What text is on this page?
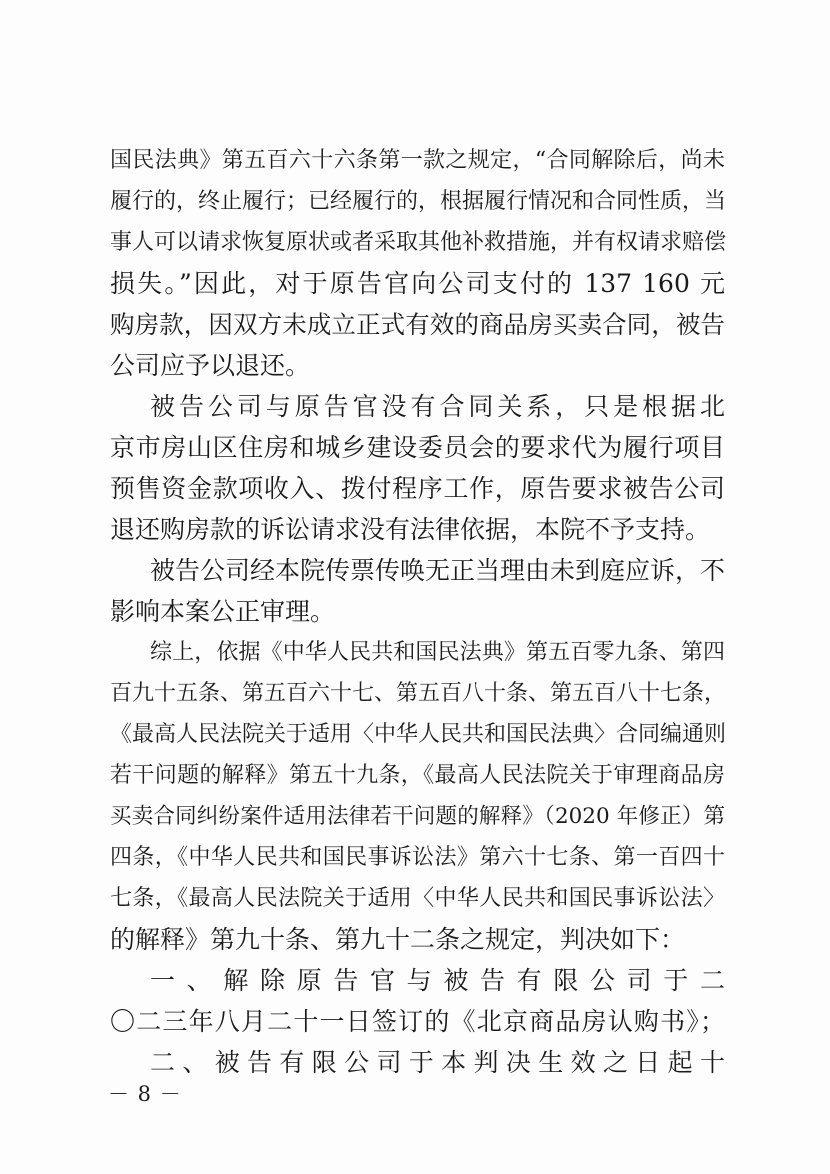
国民法典》第五百六十六条第一款之规定，“合同解除后，尚未
履行的，终止履行；已经履行的，根据履行情况和合同性质，当
事人可以请求恢复原状或者采取其他补救措施，并有权请求赔偿
损失。”因此，对于原告官向公司支付的 137 160 元
购房款，因双方未成立正式有效的商品房买卖合同，被告
公司应予以退还。
被告公司与原告官没有合同关系，只是根据北
京市房山区住房和城乡建设委员会的要求代为履行项目
预售资金款项收入、拨付程序工作，原告要求被告公司
退还购房款的诉讼请求没有法律依据，本院不予支持。
被告公司经本院传票传唤无正当理由未到庭应诉，不
影响本案公正审理。
综上，依据《中华人民共和国民法典》第五百零九条、第四
百九十五条、第五百六十七、第五百八十条、第五百八十七条，
《最高人民法院关于适用〈中华人民共和国民法典〉合同编通则
若干问题的解释》第五十九条，《最高人民法院关于审理商品房
买卖合同纠纷案件适用法律若干问题的解释》（2020 年修正）第
四条，《中华人民共和国民事诉讼法》第六十七条、第一百四十
七条，《最高人民法院关于适用〈中华人民共和国民事诉讼法〉
的解释》第九十条、第九十二条之规定，判决如下：
一、解除原告官与被告有限公司于二
〇二三年八月二十一日签订的《北京商品房认购书》；
二、被告有限公司于本判决生效之日起十
－ 8 －
